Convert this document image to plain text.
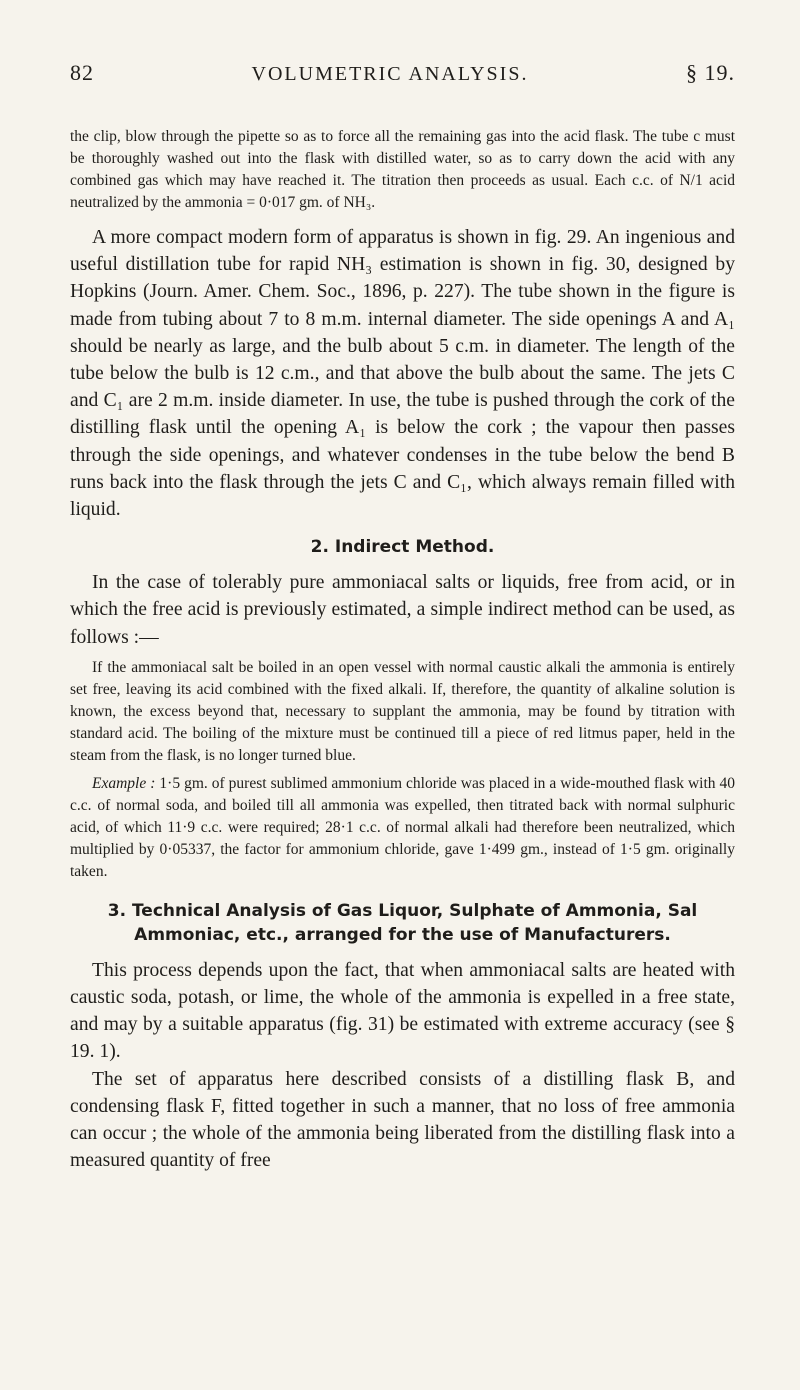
82	VOLUMETRIC ANALYSIS.	§ 19.

the clip, blow through the pipette so as to force all the remaining gas into the acid flask. The tube c must be thoroughly washed out into the flask with distilled water, so as to carry down the acid with any combined gas which may have reached it. The titration then proceeds as usual. Each c.c. of N/1 acid neutralized by the ammonia = 0·017 gm. of NH₃.

A more compact modern form of apparatus is shown in fig. 29. An ingenious and useful distillation tube for rapid NH₃ estimation is shown in fig. 30, designed by Hopkins (Journ. Amer. Chem. Soc., 1896, p. 227). The tube shown in the figure is made from tubing about 7 to 8 m.m. internal diameter. The side openings A and A₁ should be nearly as large, and the bulb about 5 c.m. in diameter. The length of the tube below the bulb is 12 c.m., and that above the bulb about the same. The jets C and C₁ are 2 m.m. inside diameter. In use, the tube is pushed through the cork of the distilling flask until the opening A₁ is below the cork ; the vapour then passes through the side openings, and whatever condenses in the tube below the bend B runs back into the flask through the jets C and C₁, which always remain filled with liquid.

2. Indirect Method.

In the case of tolerably pure ammoniacal salts or liquids, free from acid, or in which the free acid is previously estimated, a simple indirect method can be used, as follows :—

If the ammoniacal salt be boiled in an open vessel with normal caustic alkali the ammonia is entirely set free, leaving its acid combined with the fixed alkali. If, therefore, the quantity of alkaline solution is known, the excess beyond that, necessary to supplant the ammonia, may be found by titration with standard acid. The boiling of the mixture must be continued till a piece of red litmus paper, held in the steam from the flask, is no longer turned blue.

Example : 1·5 gm. of purest sublimed ammonium chloride was placed in a wide-mouthed flask with 40 c.c. of normal soda, and boiled till all ammonia was expelled, then titrated back with normal sulphuric acid, of which 11·9 c.c. were required; 28·1 c.c. of normal alkali had therefore been neutralized, which multiplied by 0·05337, the factor for ammonium chloride, gave 1·499 gm., instead of 1·5 gm. originally taken.

3. Technical Analysis of Gas Liquor, Sulphate of Ammonia, Sal Ammoniac, etc., arranged for the use of Manufacturers.

This process depends upon the fact, that when ammoniacal salts are heated with caustic soda, potash, or lime, the whole of the ammonia is expelled in a free state, and may by a suitable apparatus (fig. 31) be estimated with extreme accuracy (see § 19. 1).

The set of apparatus here described consists of a distilling flask B, and condensing flask F, fitted together in such a manner, that no loss of free ammonia can occur ; the whole of the ammonia being liberated from the distilling flask into a measured quantity of free
